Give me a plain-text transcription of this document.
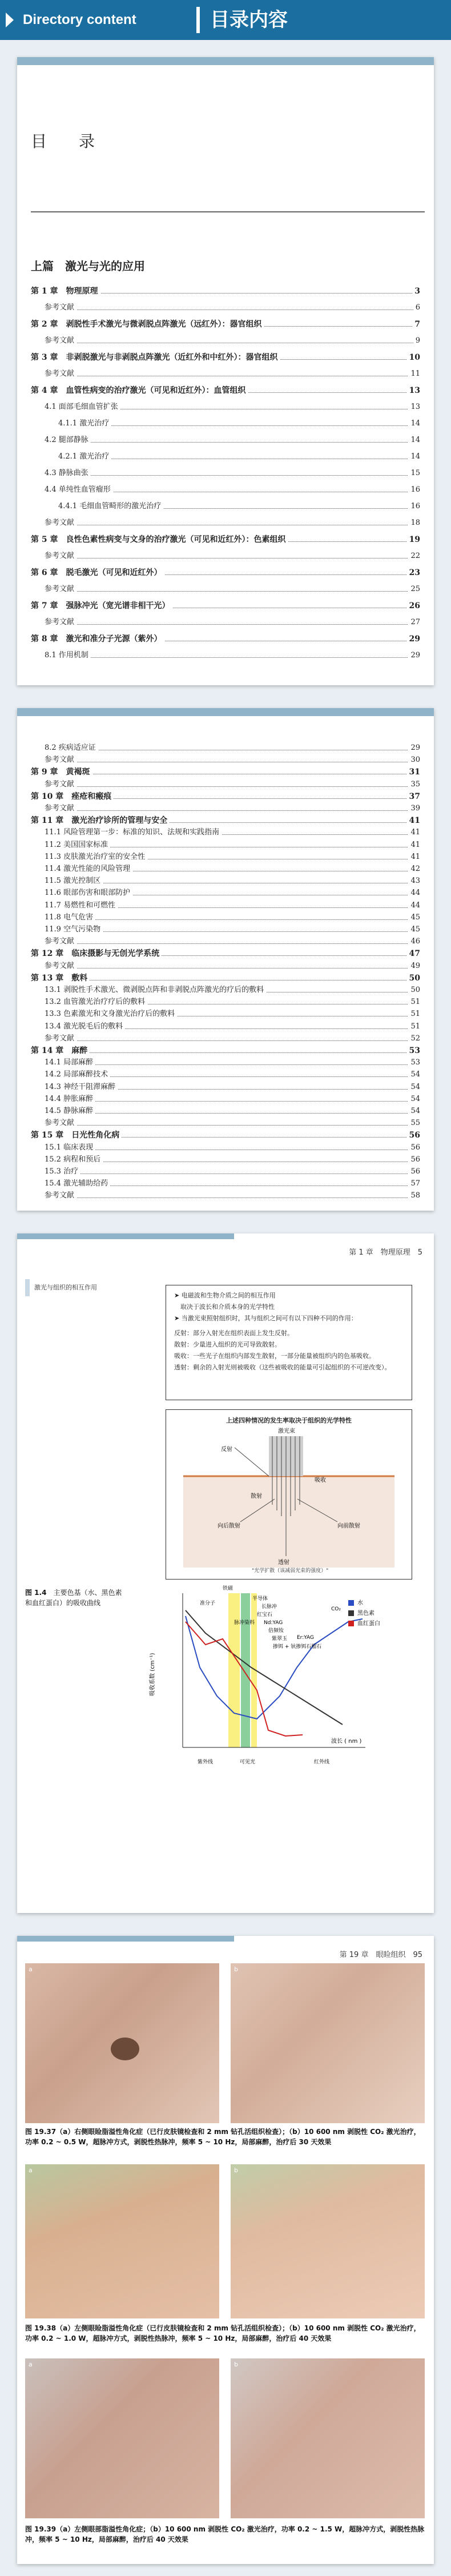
Directory content	目录内容
目　录
上篇　激光与光的应用
第 1 章　物理原理	3
参考文献	6
第 2 章　剥脱性手术激光与微剥脱点阵激光（远红外）：器官组织	7
参考文献	9
第 3 章　非剥脱激光与非剥脱点阵激光（近红外和中红外）：器官组织	10
参考文献	11
第 4 章　血管性病变的治疗激光（可见和近红外）：血管组织	13
4.1 面部毛细血管扩张	13
4.1.1 激光治疗	14
4.2 腿部静脉	14
4.2.1 激光治疗	14
4.3 静脉曲张	15
4.4 单纯性血管瘤形	16
4.4.1 毛细血管畸形的激光治疗	16
参考文献	18
第 5 章　良性色素性病变与文身的治疗激光（可见和近红外）：色素组织	19
参考文献	22
第 6 章　脱毛激光（可见和近红外）	23
参考文献	25
第 7 章　强脉冲光（宽光谱非相干光）	26
参考文献	27
第 8 章　激光和准分子光源（紫外）	29
8.1 作用机制	29
8.2 疾病适应证	29
参考文献	30
第 9 章　黄褐斑	31
参考文献	35
第 10 章　痤疮和瘢痕	37
参考文献	39
第 11 章　激光治疗诊所的管理与安全	41
11.1 风险管理第一步：标准的知识、法规和实践指南	41
11.2 美国国家标准	41
11.3 皮肤激光治疗室的安全性	41
11.4 激光性能的风险管理	42
11.5 激光控制区	43
11.6 眼部伤害和眼部防护	44
11.7 易燃性和可燃性	44
11.8 电气危害	45
11.9 空气污染物	45
参考文献	46
第 12 章　临床摄影与无创光学系统	47
参考文献	49
第 13 章　敷料	50
13.1 剥脱性手术激光、微剥脱点阵和非剥脱点阵激光的疗后的敷料	50
13.2 血管激光治疗疗后的敷料	51
13.3 色素激光和文身激光治疗后的敷料	51
13.4 激光脱毛后的敷料	51
参考文献	52
第 14 章　麻醉	53
14.1 局部麻醉	53
14.2 局部麻醉技术	54
14.3 神经干阻滞麻醉	54
14.4 肿胀麻醉	54
14.5 静脉麻醉	54
参考文献	55
第 15 章　日光性角化病	56
15.1 临床表现	56
15.2 病程和预后	56
15.3 治疗	56
15.4 激光辅助给药	57
参考文献	58
第 1 章　物理原理　5
激光与组织的相互作用
➤ 电磁波和生物介质之间的相互作用
　取决于波长和介质本身的光学特性
➤ 当激光束照射组织时，其与组织之间可有以下四种不同的作用：
反射：部分入射光在组织表面上发生反射。
散射：少量进入组织的光可导致散射。
吸收：一些光子在组织内部发生散射，一部分能量被组织内的色基吸收。
透射：剩余的入射光则被吸收（这些被吸收的能量可引起组织的不可逆改变）。
上述四种情况的发生率取决于组织的光学特性
激光束
反射
吸收
散射
向后散射
透射
向前散射
"光学扩散（该减弱光束的强度）"
图 1.4　 主要色基（水、黑色素和血红蛋白）的吸收曲线
吸收系数 (cm⁻¹)
波长 ( nm )
水
黑色素
血红蛋白
铁磁
准分子
半导体
长脉冲
红宝石
Nd:YAG
倍频钕
紫翠玉
脉冲染料
掺铒 + 钬掺铒石榴石
Er:YAG
CO₂
紫外线	可见光	红外线
第 19 章　眼睑组织　95
a	b
图 19.37（a）右侧眼睑脂溢性角化症（已行皮肤镜检查和 2 mm 钻孔活组织检查）；（b）10 600 nm 剥脱性 CO₂ 激光治疗，功率 0.2 ~ 0.5 W，超脉冲方式，剥脱性热脉冲，频率 5 ~ 10 Hz，局部麻醉，治疗后 30 天效果
a	b
图 19.38（a）左侧眼睑脂溢性角化症（已行皮肤镜检查和 2 mm 钻孔活组织检查）；（b）10 600 nm 剥脱性 CO₂ 激光治疗，功率 0.2 ~ 1.0 W，超脉冲方式，剥脱性热脉冲，频率 5 ~ 10 Hz，局部麻醉，治疗后 40 天效果
a	b
图 19.39（a）左侧眼部脂溢性角化症；（b）10 600 nm 剥脱性 CO₂ 激光治疗，功率 0.2 ~ 1.5 W，超脉冲方式，剥脱性热脉冲，频率 5 ~ 10 Hz，局部麻醉，治疗后 40 天效果
